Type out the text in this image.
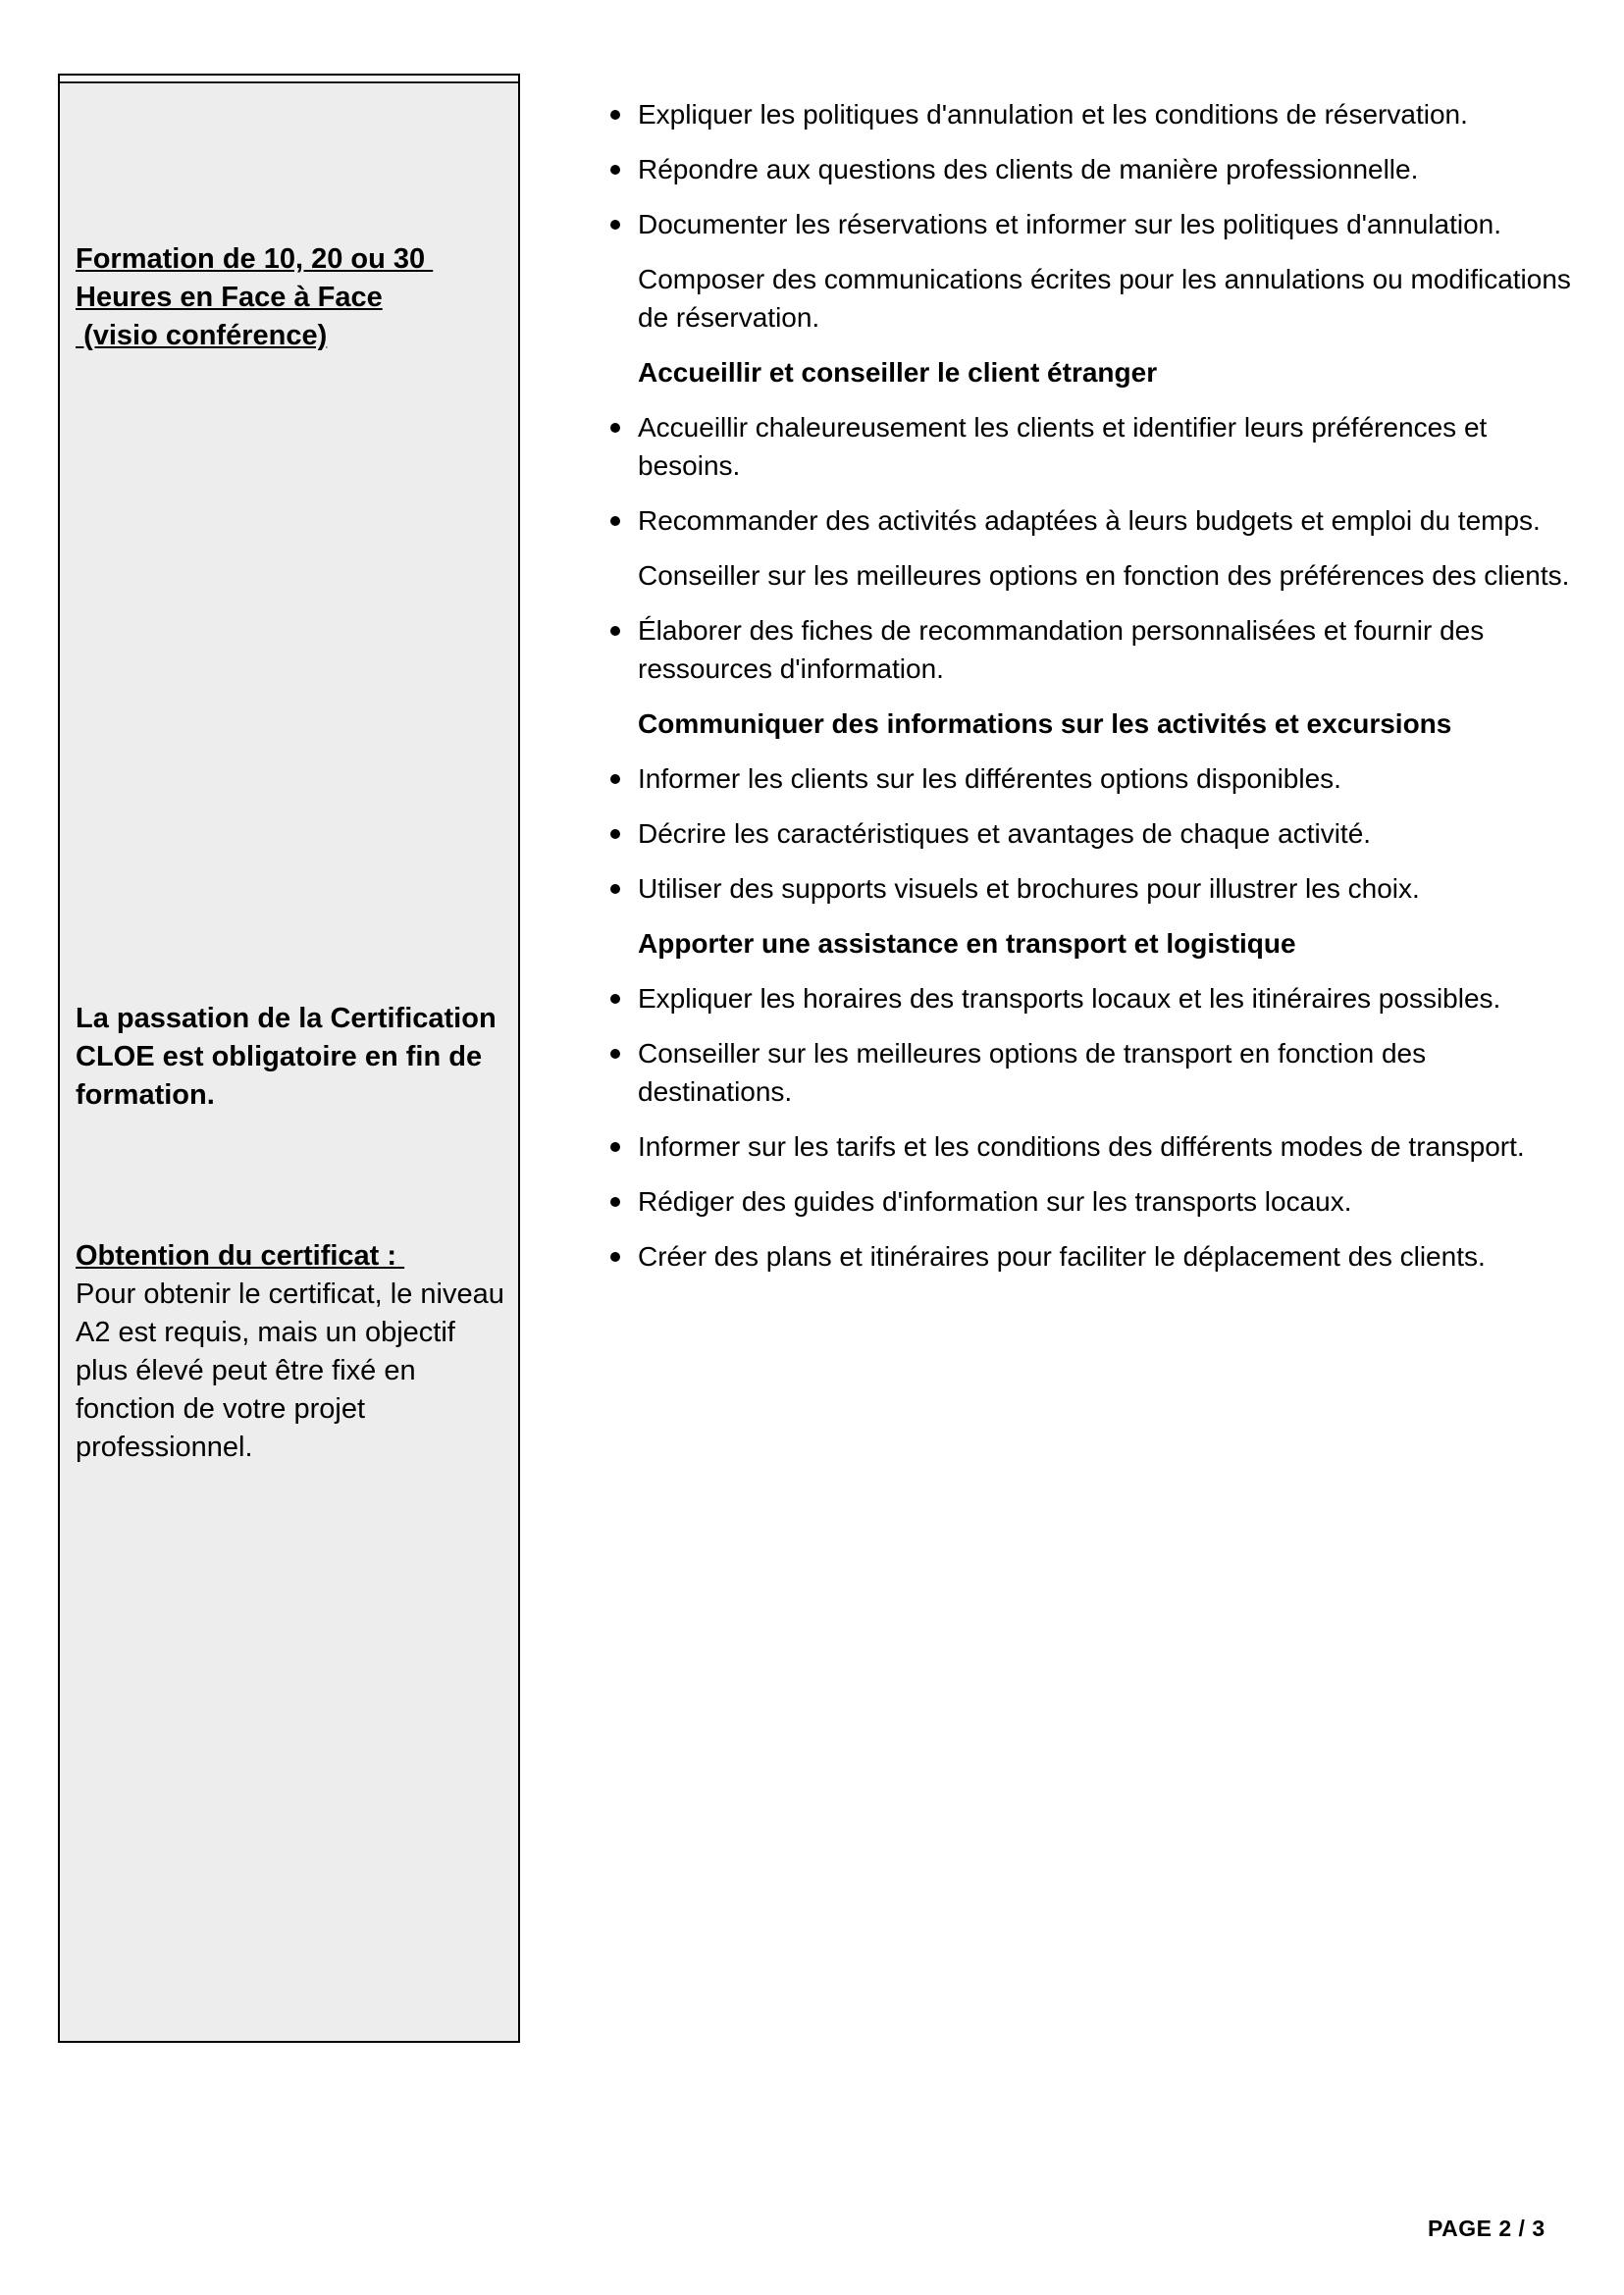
Formation de 10, 20 ou 30
Heures en Face à Face
(visio conférence)
La passation de la Certification CLOE est obligatoire en fin de formation.
Obtention du certificat :
Pour obtenir le certificat, le niveau A2 est requis, mais un objectif plus élevé peut être fixé en fonction de votre projet professionnel.
Expliquer les politiques d'annulation et les conditions de réservation.
Répondre aux questions des clients de manière professionnelle.
Documenter les réservations et informer sur les politiques d'annulation.
Composer des communications écrites pour les annulations ou modifications de réservation.
Accueillir et conseiller le client étranger
Accueillir chaleureusement les clients et identifier leurs préférences et besoins.
Recommander des activités adaptées à leurs budgets et emploi du temps.
Conseiller sur les meilleures options en fonction des préférences des clients.
Élaborer des fiches de recommandation personnalisées et fournir des ressources d'information.
Communiquer des informations sur les activités et excursions
Informer les clients sur les différentes options disponibles.
Décrire les caractéristiques et avantages de chaque activité.
Utiliser des supports visuels et brochures pour illustrer les choix.
Apporter une assistance en transport et logistique
Expliquer les horaires des transports locaux et les itinéraires possibles.
Conseiller sur les meilleures options de transport en fonction des destinations.
Informer sur les tarifs et les conditions des différents modes de transport.
Rédiger des guides d'information sur les transports locaux.
Créer des plans et itinéraires pour faciliter le déplacement des clients.
PAGE 2 / 3
